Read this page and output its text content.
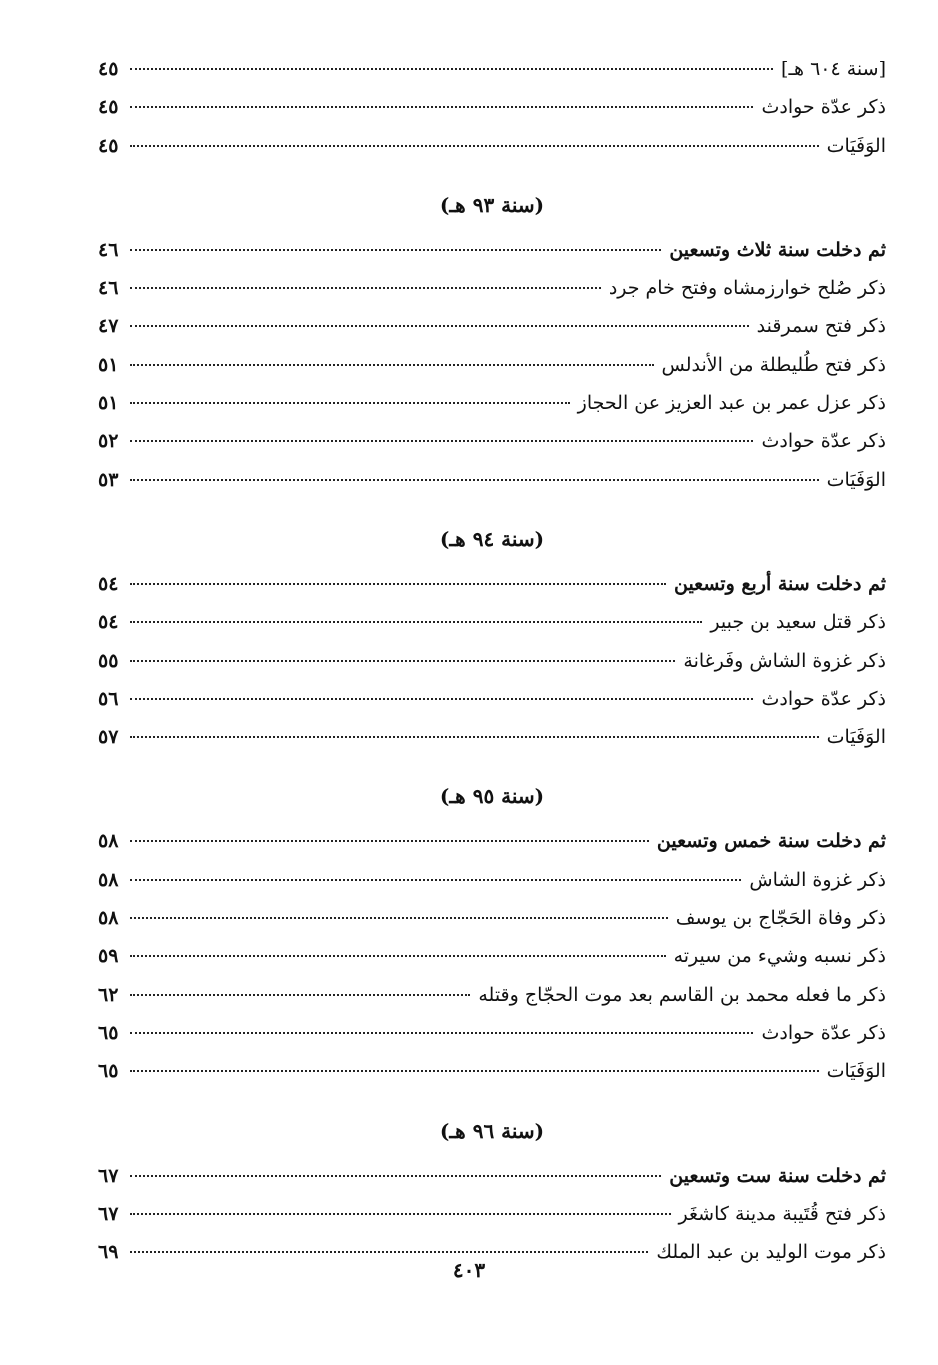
[سنة ٦٠٤ هـ]
٤٥
ذكر عدّة حوادث
٤٥
الوَفَيَات
٤٥
(سنة ٩٣ هـ)
ثم دخلت سنة ثلاث وتسعين
٤٦
ذكر صُلح خوارزمشاه وفتح خام جرد
٤٦
ذكر فتح سمرقند
٤٧
ذكر فتح طُليطلة من الأندلس
٥١
ذكر عزل عمر بن عبد العزيز عن الحجاز
٥١
ذكر عدّة حوادث
٥٢
الوَفَيَات
٥٣
(سنة ٩٤ هـ)
ثم دخلت سنة أربع وتسعين
٥٤
ذكر قتل سعيد بن جبير
٥٤
ذكر غزوة الشاش وفَرغانة
٥٥
ذكر عدّة حوادث
٥٦
الوَفَيَات
٥٧
(سنة ٩٥ هـ)
ثم دخلت سنة خمس وتسعين
٥٨
ذكر غزوة الشاش
٥٨
ذكر وفاة الحَجّاج بن يوسف
٥٨
ذكر نسبه وشيء من سيرته
٥٩
ذكر ما فعله محمد بن القاسم بعد موت الحجّاج وقتله
٦٢
ذكر عدّة حوادث
٦٥
الوَفَيَات
٦٥
(سنة ٩٦ هـ)
ثم دخلت سنة ست وتسعين
٦٧
ذكر فتح قُتَيبة مدينة كاشغَر
٦٧
ذكر موت الوليد بن عبد الملك
٦٩
٤٠٣
